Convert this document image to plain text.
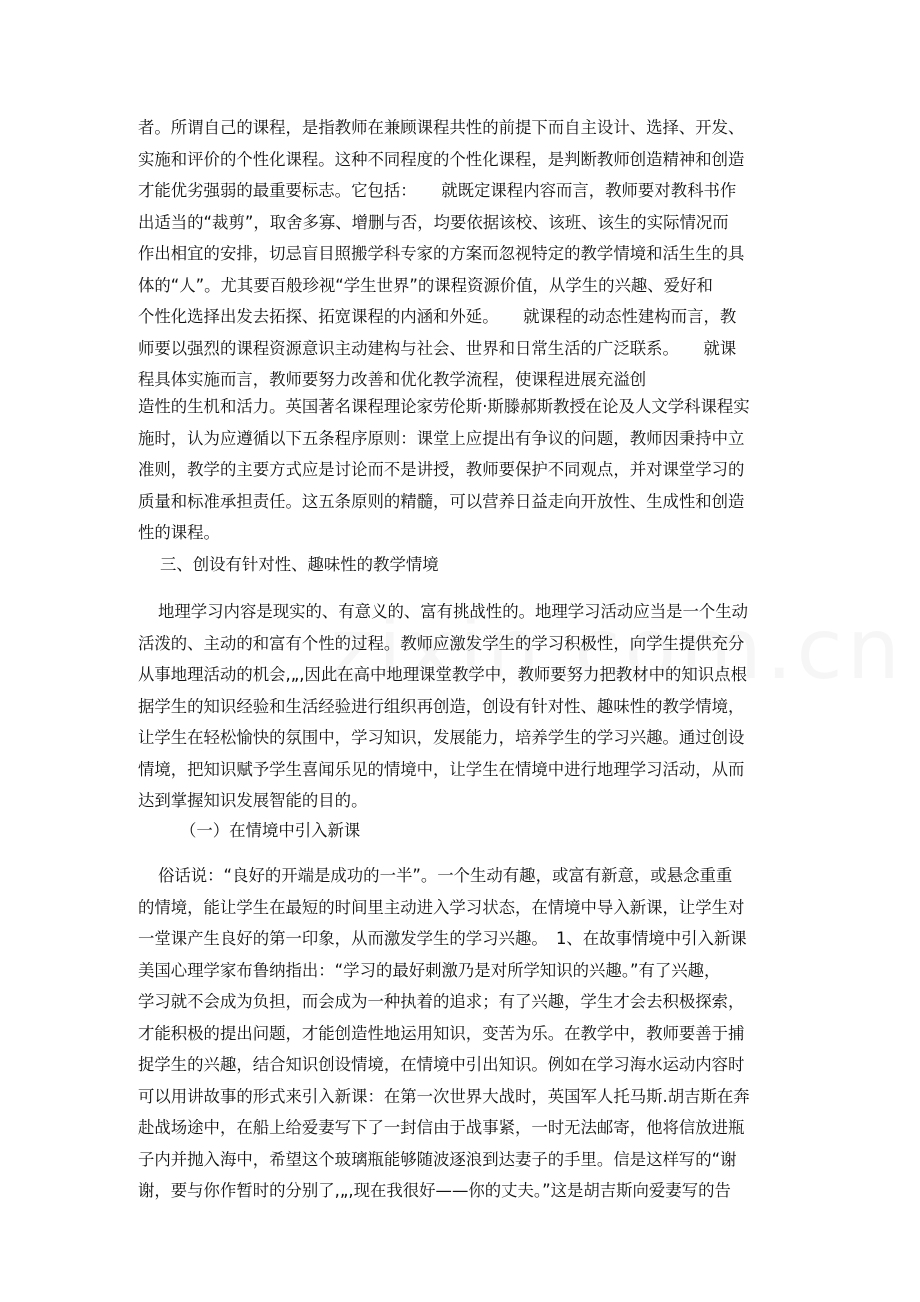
者。所谓自己的课程，是指教师在兼顾课程共性的前提下而自主设计、选择、开发、
实施和评价的个性化课程。这种不同程度的个性化课程，是判断教师创造精神和创造
才能优劣强弱的最重要标志。它包括：　　就既定课程内容而言，教师要对教科书作
出适当的“裁剪”，取舍多寡、增删与否，均要依据该校、该班、该生的实际情况而
作出相宜的安排，切忌盲目照搬学科专家的方案而忽视特定的教学情境和活生生的具
体的“人”。尤其要百般珍视“学生世界”的课程资源价值，从学生的兴趣、爱好和
个性化选择出发去拓探、拓宽课程的内涵和外延。　　就课程的动态性建构而言，教
师要以强烈的课程资源意识主动建构与社会、世界和日常生活的广泛联系。　　就课
程具体实施而言，教师要努力改善和优化教学流程，使课程进展充溢创
造性的生机和活力。英国著名课程理论家劳伦斯·斯滕郝斯教授在论及人文学科课程实
施时，认为应遵循以下五条程序原则：课堂上应提出有争议的问题，教师因秉持中立
准则，教学的主要方式应是讨论而不是讲授，教师要保护不同观点，并对课堂学习的
质量和标准承担责任。这五条原则的精髓，可以营养日益走向开放性、生成性和创造
性的课程。
三、创设有针对性、趣味性的教学情境
地理学习内容是现实的、有意义的、富有挑战性的。地理学习活动应当是一个生动
活泼的、主动的和富有个性的过程。教师应激发学生的学习积极性，向学生提供充分
从事地理活动的机会,„,因此在高中地理课堂教学中，教师要努力把教材中的知识点根
据学生的知识经验和生活经验进行组织再创造，创设有针对性、趣味性的教学情境，
让学生在轻松愉快的氛围中，学习知识，发展能力，培养学生的学习兴趣。通过创设
情境，把知识赋予学生喜闻乐见的情境中，让学生在情境中进行地理学习活动，从而
达到掌握知识发展智能的目的。
（一）在情境中引入新课
俗话说：“良好的开端是成功的一半”。一个生动有趣，或富有新意，或悬念重重
的情境，能让学生在最短的时间里主动进入学习状态，在情境中导入新课，让学生对
一堂课产生良好的第一印象，从而激发学生的学习兴趣。　1、在故事情境中引入新课
美国心理学家布鲁纳指出：“学习的最好刺激乃是对所学知识的兴趣。”有了兴趣，
学习就不会成为负担，而会成为一种执着的追求；有了兴趣，学生才会去积极探索，
才能积极的提出问题，才能创造性地运用知识，变苦为乐。在教学中，教师要善于捕
捉学生的兴趣，结合知识创设情境，在情境中引出知识。例如在学习海水运动内容时
可以用讲故事的形式来引入新课：在第一次世界大战时，英国军人托马斯.胡吉斯在奔
赴战场途中，在船上给爱妻写下了一封信由于战事紧，一时无法邮寄，他将信放进瓶
子内并抛入海中，希望这个玻璃瓶能够随波逐浪到达妻子的手里。信是这样写的“谢
谢，要与你作暂时的分别了,„,现在我很好——你的丈夫。”这是胡吉斯向爱妻写的告
